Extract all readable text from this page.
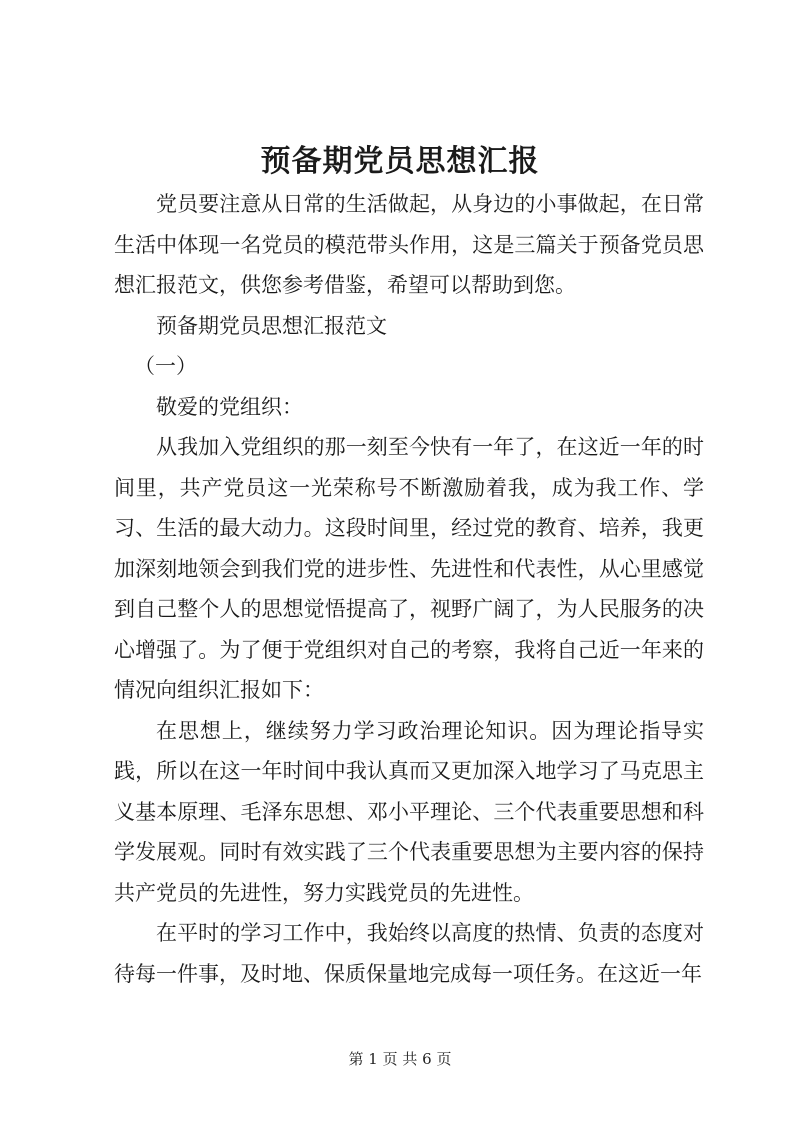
预备期党员思想汇报

党员要注意从日常的生活做起，从身边的小事做起，在日常生活中体现一名党员的模范带头作用，这是三篇关于预备党员思想汇报范文，供您参考借鉴，希望可以帮助到您。

预备期党员思想汇报范文

（一）

敬爱的党组织：

从我加入党组织的那一刻至今快有一年了，在这近一年的时间里，共产党员这一光荣称号不断激励着我，成为我工作、学习、生活的最大动力。这段时间里，经过党的教育、培养，我更加深刻地领会到我们党的进步性、先进性和代表性，从心里感觉到自己整个人的思想觉悟提高了，视野广阔了，为人民服务的决心增强了。为了便于党组织对自己的考察，我将自己近一年来的情况向组织汇报如下：

在思想上，继续努力学习政治理论知识。因为理论指导实践，所以在这一年时间中我认真而又更加深入地学习了马克思主义基本原理、毛泽东思想、邓小平理论、三个代表重要思想和科学发展观。同时有效实践了三个代表重要思想为主要内容的保持共产党员的先进性，努力实践党员的先进性。

在平时的学习工作中，我始终以高度的热情、负责的态度对待每一件事，及时地、保质保量地完成每一项任务。在这近一年

第 1 页 共 6 页
